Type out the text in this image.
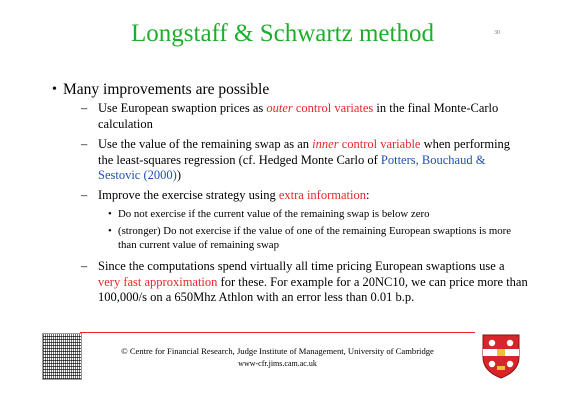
Longstaff & Schwartz method	30
• Many improvements are possible
– Use European swaption prices as outer control variates in the final Monte-Carlo calculation
– Use the value of the remaining swap as an inner control variable when performing the least-squares regression (cf. Hedged Monte Carlo of Potters, Bouchaud & Sestovic (2000))
– Improve the exercise strategy using extra information:
• Do not exercise if the current value of the remaining swap is below zero
• (stronger) Do not exercise if the value of one of the remaining European swaptions is more than current value of remaining swap
– Since the computations spend virtually all time pricing European swaptions use a very fast approximation for these. For example for a 20NC10, we can price more than 100,000/s on a 650Mhz Athlon with an error less than 0.01 b.p.
© Centre for Financial Research, Judge Institute of Management, University of Cambridge
www-cfr.jims.cam.ac.uk
